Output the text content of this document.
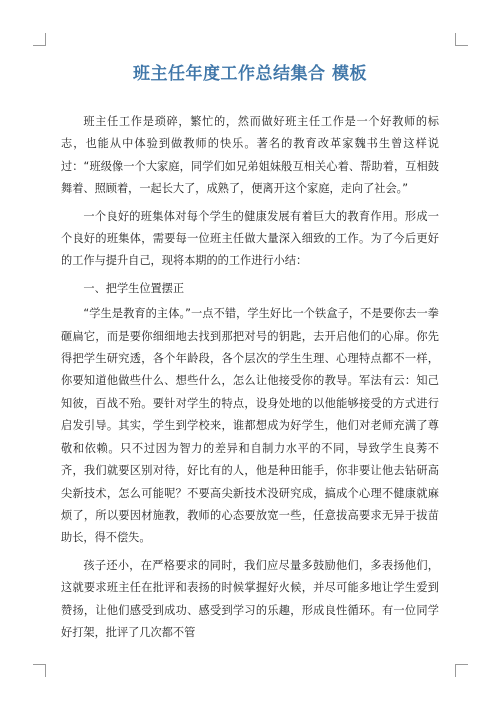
班主任年度工作总结集合 模板

班主任工作是琐碎，繁忙的，然而做好班主任工作是一个好教师的标志，也能从中体验到做教师的快乐。著名的教育改革家魏书生曾这样说过：“班级像一个大家庭，同学们如兄弟姐妹般互相关心着、帮助着，互相鼓舞着、照顾着，一起长大了，成熟了，便离开这个家庭，走向了社会。”

一个良好的班集体对每个学生的健康发展有着巨大的教育作用。形成一个良好的班集体，需要每一位班主任做大量深入细致的工作。为了今后更好的工作与提升自己，现将本期的的工作进行小结：

一、把学生位置摆正

“学生是教育的主体。”一点不错，学生好比一个铁盒子，不是要你去一拳砸扁它，而是要你细细地去找到那把对号的钥匙，去开启他们的心扉。你先得把学生研究透，各个年龄段，各个层次的学生生理、心理特点都不一样，你要知道他做些什么、想些什么，怎么让他接受你的教导。军法有云：知己知彼，百战不殆。要针对学生的特点，设身处地的以他能够接受的方式进行启发引导。其实，学生到学校来，谁都想成为好学生，他们对老师充满了尊敬和依赖。只不过因为智力的差异和自制力水平的不同，导致学生良莠不齐，我们就要区别对待，好比有的人，他是种田能手，你非要让他去钻研高尖新技术，怎么可能呢？不要高尖新技术没研究成，搞成个心理不健康就麻烦了，所以要因材施教，教师的心态要放宽一些，任意拔高要求无异于拔苗助长，得不偿失。

孩子还小，在严格要求的同时，我们应尽量多鼓励他们，多表扬他们，这就要求班主任在批评和表扬的时候掌握好火候，并尽可能多地让学生爱到赞扬，让他们感受到成功、感受到学习的乐趣，形成良性循环。有一位同学好打架，批评了几次都不管
